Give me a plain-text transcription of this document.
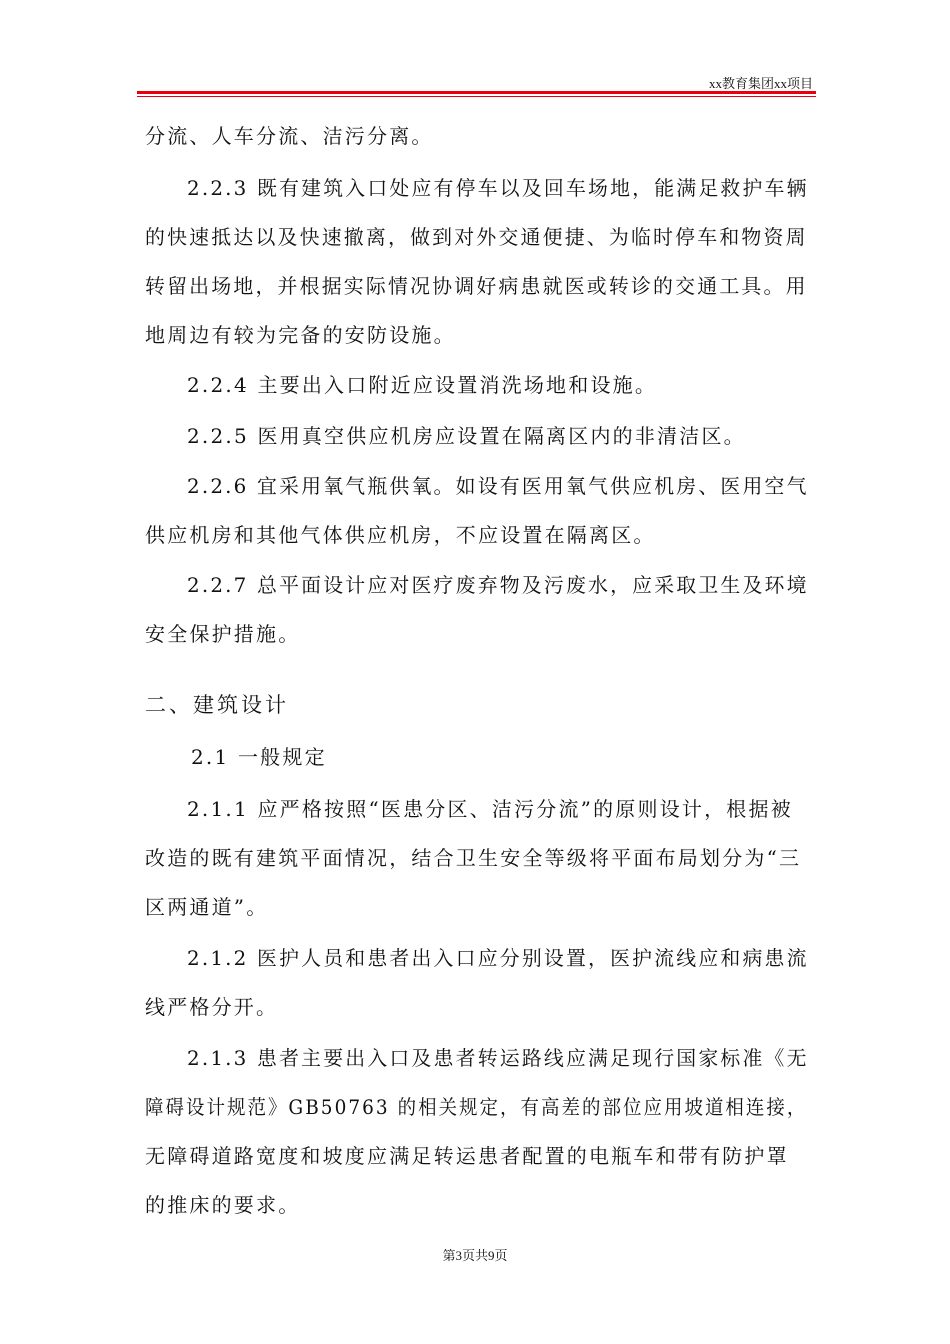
xx教育集团xx项目
分流、人车分流、洁污分离。
2.2.3 既有建筑入口处应有停车以及回车场地，能满足救护车辆
的快速抵达以及快速撤离，做到对外交通便捷、为临时停车和物资周
转留出场地，并根据实际情况协调好病患就医或转诊的交通工具。用
地周边有较为完备的安防设施。
2.2.4 主要出入口附近应设置消洗场地和设施。
2.2.5 医用真空供应机房应设置在隔离区内的非清洁区。
2.2.6 宜采用氧气瓶供氧。如设有医用氧气供应机房、医用空气
供应机房和其他气体供应机房，不应设置在隔离区。
2.2.7 总平面设计应对医疗废弃物及污废水，应采取卫生及环境
安全保护措施。
二、建筑设计
2.1 一般规定
2.1.1 应严格按照“医患分区、洁污分流”的原则设计，根据被
改造的既有建筑平面情况，结合卫生安全等级将平面布局划分为“三
区两通道”。
2.1.2 医护人员和患者出入口应分别设置，医护流线应和病患流
线严格分开。
2.1.3 患者主要出入口及患者转运路线应满足现行国家标准《无
障碍设计规范》GB50763 的相关规定，有高差的部位应用坡道相连接，
无障碍道路宽度和坡度应满足转运患者配置的电瓶车和带有防护罩
的推床的要求。
第3页共9页
